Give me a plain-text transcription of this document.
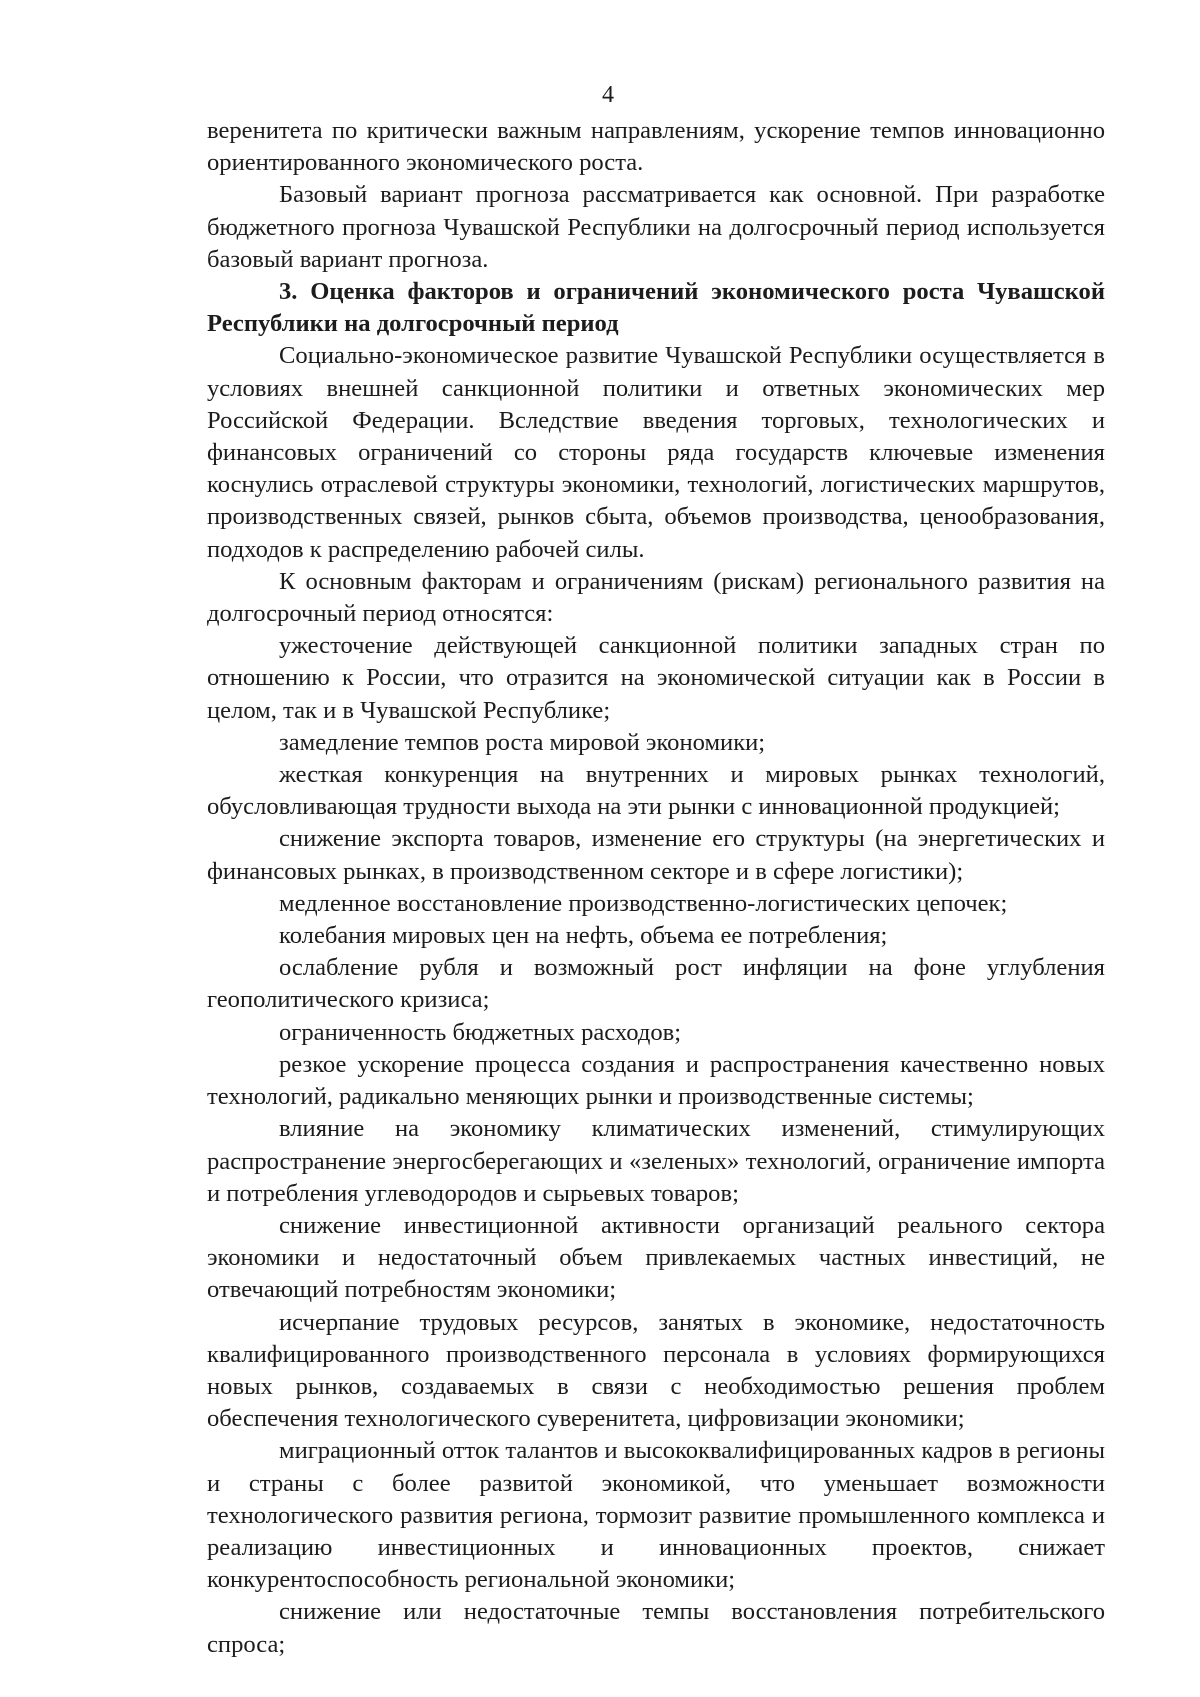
4

веренитета по критически важным направлениям, ускорение темпов инновационно ориентированного экономического роста.

Базовый вариант прогноза рассматривается как основной. При разработке бюджетного прогноза Чувашской Республики на долгосрочный период используется базовый вариант прогноза.

3. Оценка факторов и ограничений экономического роста Чувашской Республики на долгосрочный период

Социально-экономическое развитие Чувашской Республики осуществляется в условиях внешней санкционной политики и ответных экономических мер Российской Федерации. Вследствие введения торговых, технологических и финансовых ограничений со стороны ряда государств ключевые изменения коснулись отраслевой структуры экономики, технологий, логистических маршрутов, производственных связей, рынков сбыта, объемов производства, ценообразования, подходов к распределению рабочей силы.

К основным факторам и ограничениям (рискам) регионального развития на долгосрочный период относятся:

ужесточение действующей санкционной политики западных стран по отношению к России, что отразится на экономической ситуации как в России в целом, так и в Чувашской Республике;

замедление темпов роста мировой экономики;

жесткая конкуренция на внутренних и мировых рынках технологий, обусловливающая трудности выхода на эти рынки с инновационной продукцией;

снижение экспорта товаров, изменение его структуры (на энергетических и финансовых рынках, в производственном секторе и в сфере логистики);

медленное восстановление производственно-логистических цепочек;

колебания мировых цен на нефть, объема ее потребления;

ослабление рубля и возможный рост инфляции на фоне углубления геополитического кризиса;

ограниченность бюджетных расходов;

резкое ускорение процесса создания и распространения качественно новых технологий, радикально меняющих рынки и производственные системы;

влияние на экономику климатических изменений, стимулирующих распространение энергосберегающих и «зеленых» технологий, ограничение импорта и потребления углеводородов и сырьевых товаров;

снижение инвестиционной активности организаций реального сектора экономики и недостаточный объем привлекаемых частных инвестиций, не отвечающий потребностям экономики;

исчерпание трудовых ресурсов, занятых в экономике, недостаточность квалифицированного производственного персонала в условиях формирующихся новых рынков, создаваемых в связи с необходимостью решения проблем обеспечения технологического суверенитета, цифровизации экономики;

миграционный отток талантов и высококвалифицированных кадров в регионы и страны с более развитой экономикой, что уменьшает возможности технологического развития региона, тормозит развитие промышленного комплекса и реализацию инвестиционных и инновационных проектов, снижает конкурентоспособность региональной экономики;

снижение или недостаточные темпы восстановления потребительского спроса;
